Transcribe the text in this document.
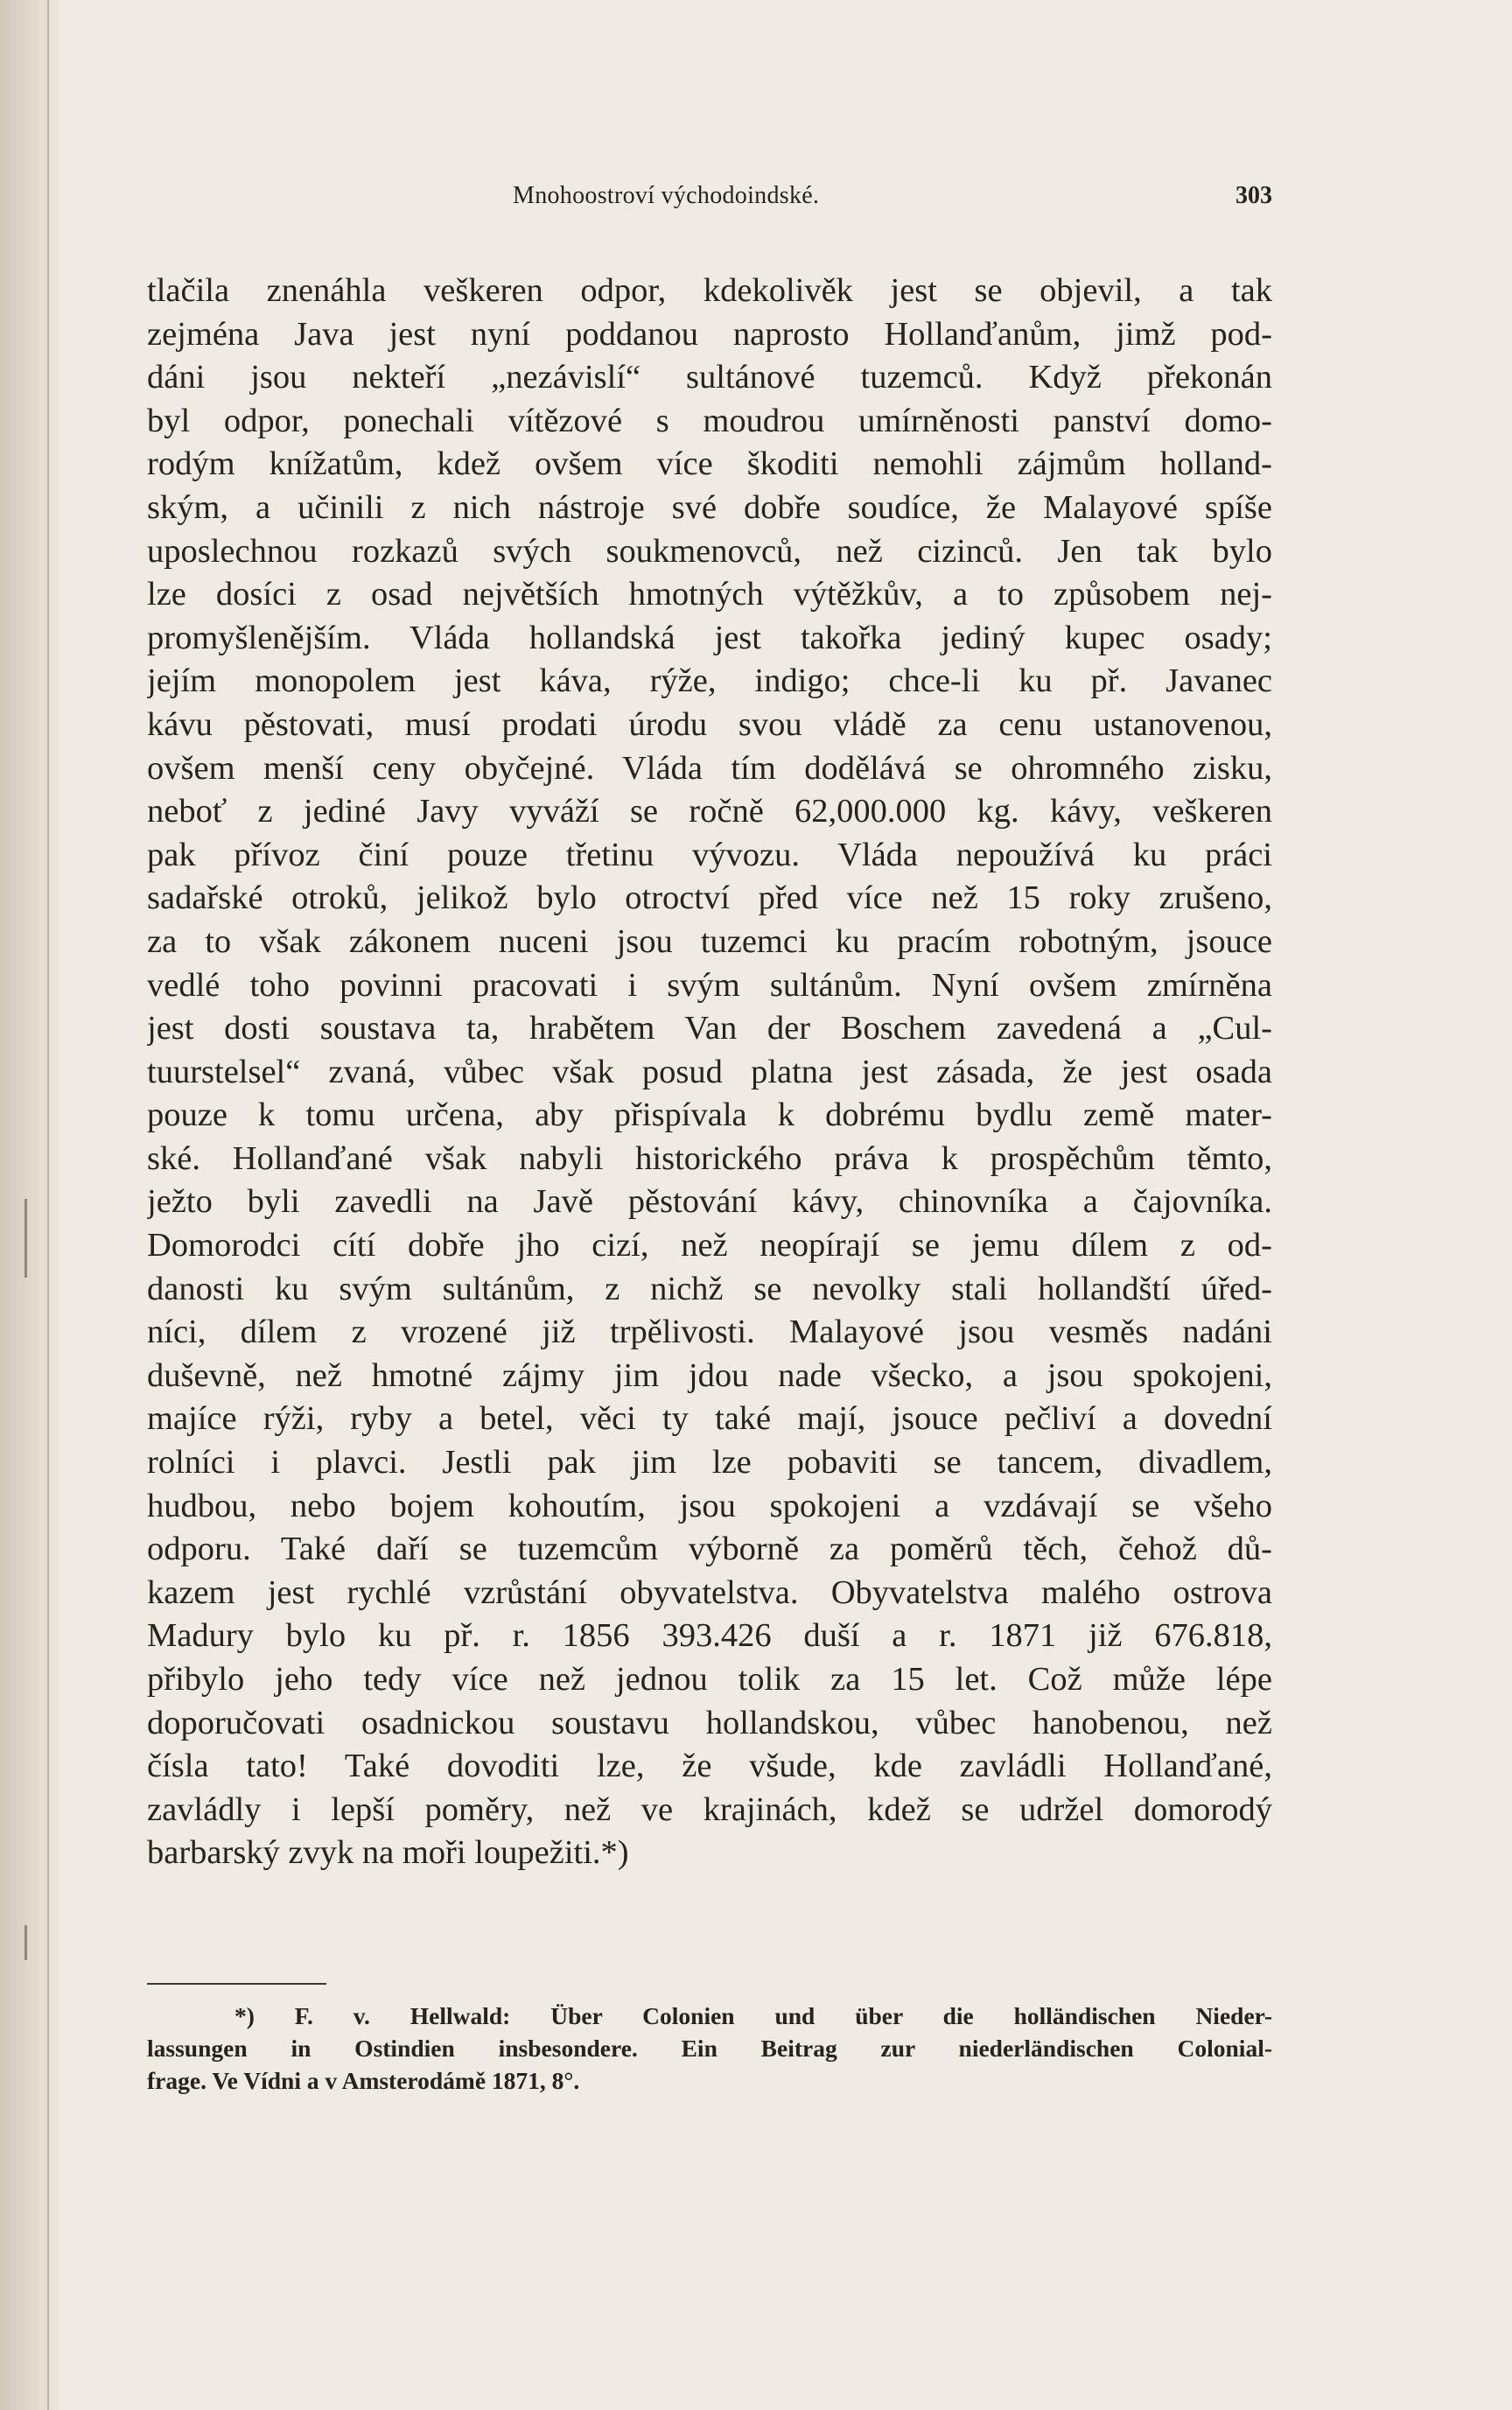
Mnohoostroví východoindské.	303
tlačila znenáhla veškeren odpor, kdekolivěk jest se objevil, a tak
zejména Java jest nyní poddanou naprosto Hollanďanům, jimž pod-
dáni jsou nekteří „nezávislí“ sultánové tuzemců. Když překonán
byl odpor, ponechali vítězové s moudrou umírněnosti panství domo-
rodým knížatům, kdež ovšem více škoditi nemohli zájmům holland-
ským, a učinili z nich nástroje své dobře soudíce, že Malayové spíše
uposlechnou rozkazů svých soukmenovců, než cizinců. Jen tak bylo
lze dosíci z osad největších hmotných výtěžkův, a to způsobem nej-
promyšlenějším. Vláda hollandská jest takořka jediný kupec osady;
jejím monopolem jest káva, rýže, indigo; chce-li ku př. Javanec
kávu pěstovati, musí prodati úrodu svou vládě za cenu ustanovenou,
ovšem menší ceny obyčejné. Vláda tím dodělává se ohromného zisku,
neboť z jediné Javy vyváží se ročně 62,000.000 kg. kávy, veškeren
pak přívoz činí pouze třetinu vývozu. Vláda nepoužívá ku práci
sadařské otroků, jelikož bylo otroctví před více než 15 roky zrušeno,
za to však zákonem nuceni jsou tuzemci ku pracím robotným, jsouce
vedlé toho povinni pracovati i svým sultánům. Nyní ovšem zmírněna
jest dosti soustava ta, hrabětem Van der Boschem zavedená a „Cul-
tuurstelsel“ zvaná, vůbec však posud platna jest zásada, že jest osada
pouze k tomu určena, aby přispívala k dobrému bydlu země mater-
ské. Hollanďané však nabyli historického práva k prospěchům těmto,
ježto byli zavedli na Javě pěstování kávy, chinovníka a čajovníka.
Domorodci cítí dobře jho cizí, než neopírají se jemu dílem z od-
danosti ku svým sultánům, z nichž se nevolky stali hollandští úřed-
níci, dílem z vrozené již trpělivosti. Malayové jsou vesměs nadáni
duševně, než hmotné zájmy jim jdou nade všecko, a jsou spokojeni,
majíce rýži, ryby a betel, věci ty také mají, jsouce pečliví a dovední
rolníci i plavci. Jestli pak jim lze pobaviti se tancem, divadlem,
hudbou, nebo bojem kohoutím, jsou spokojeni a vzdávají se všeho
odporu. Také daří se tuzemcům výborně za poměrů těch, čehož dů-
kazem jest rychlé vzrůstání obyvatelstva. Obyvatelstva malého ostrova
Madury bylo ku př. r. 1856 393.426 duší a r. 1871 již 676.818,
přibylo jeho tedy více než jednou tolik za 15 let. Což může lépe
doporučovati osadnickou soustavu hollandskou, vůbec hanobenou, než
čísla tato! Také dovoditi lze, že všude, kde zavládli Hollanďané,
zavládly i lepší poměry, než ve krajinách, kdež se udržel domorodý
barbarský zvyk na moři loupežiti.*)
*) F. v. Hellwald: Über Colonien und über die holländischen Nieder-
lassungen in Ostindien insbesondere. Ein Beitrag zur niederländischen Colonial-
frage. Ve Vídni a v Amsterodámě 1871, 8°.
